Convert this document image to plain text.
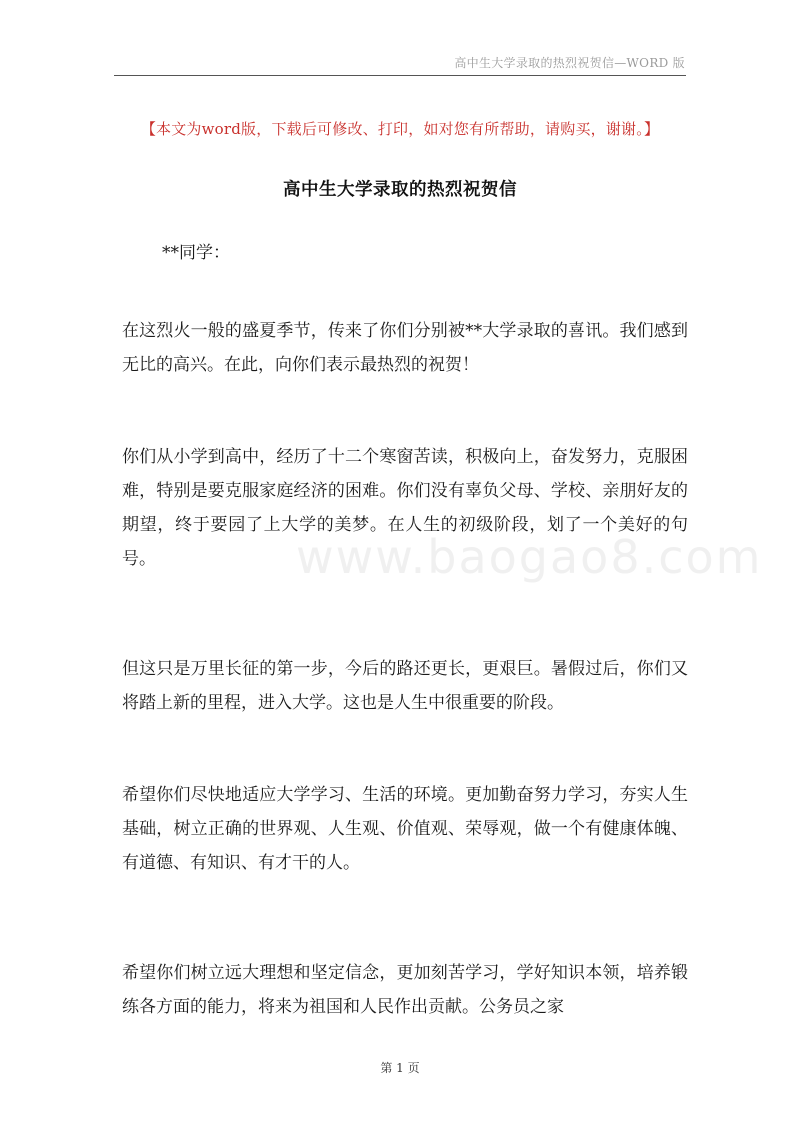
高中生大学录取的热烈祝贺信—WORD 版
www.baogao8.com
【本文为word版，下载后可修改、打印，如对您有所帮助，请购买，谢谢。】
高中生大学录取的热烈祝贺信
**同学：

在这烈火一般的盛夏季节，传来了你们分别被**大学录取的喜讯。我们感到无比的高兴。在此，向你们表示最热烈的祝贺！

你们从小学到高中，经历了十二个寒窗苦读，积极向上，奋发努力，克服困难，特别是要克服家庭经济的困难。你们没有辜负父母、学校、亲朋好友的期望，终于要园了上大学的美梦。在人生的初级阶段，划了一个美好的句号。

但这只是万里长征的第一步，今后的路还更长，更艰巨。暑假过后，你们又将踏上新的里程，进入大学。这也是人生中很重要的阶段。

希望你们尽快地适应大学学习、生活的环境。更加勤奋努力学习，夯实人生基础，树立正确的世界观、人生观、价值观、荣辱观，做一个有健康体魄、有道德、有知识、有才干的人。

希望你们树立远大理想和坚定信念，更加刻苦学习，学好知识本领，培养锻练各方面的能力，将来为祖国和人民作出贡献。公务员之家

第 1 页
